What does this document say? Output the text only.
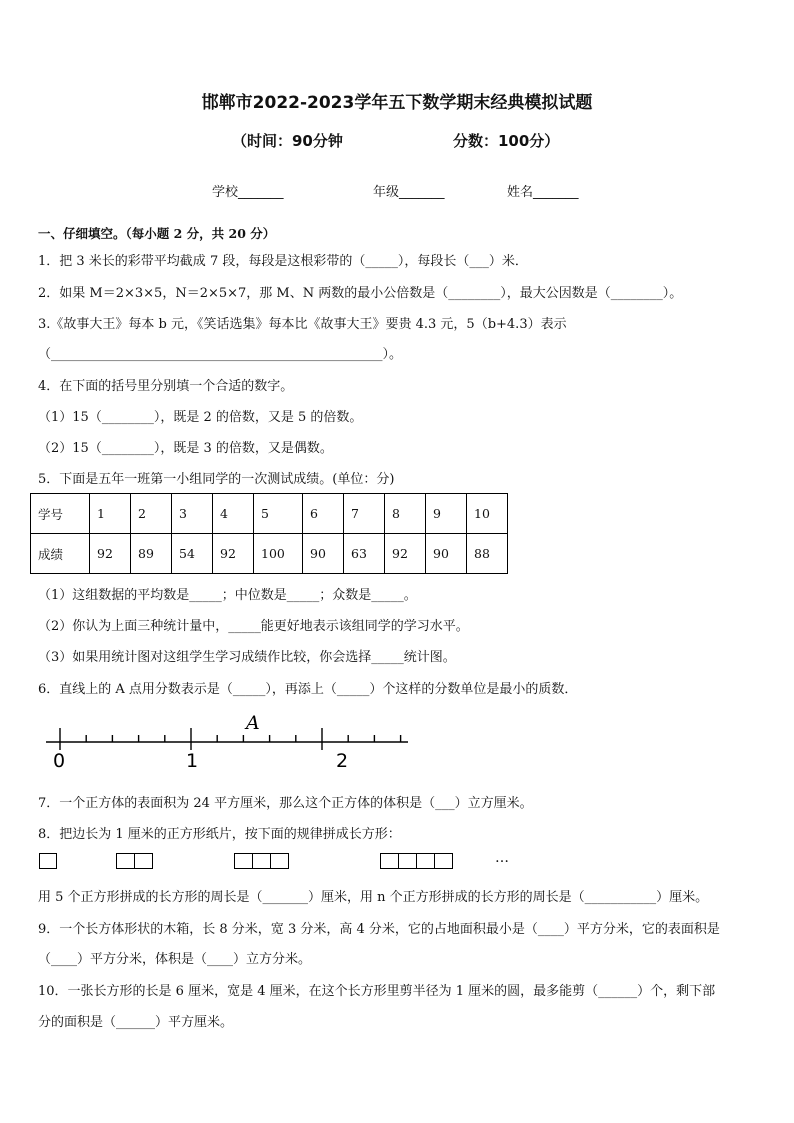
邯郸市2022-2023学年五下数学期末经典模拟试题
（时间：90分钟	分数：100分）
学校_______	年级_______	姓名_______
一、仔细填空。（每小题 2 分，共 20 分）
1．把 3 米长的彩带平均截成 7 段，每段是这根彩带的（_____），每段长（___）米．
2．如果 M＝2×3×5，N＝2×5×7，那 M、N 两数的最小公倍数是（________），最大公因数是（________）。
3.《故事大王》每本 b 元，《笑话选集》每本比《故事大王》要贵 4.3 元，5（b+4.3）表示
（___________________________________________________）。
4．在下面的括号里分别填一个合适的数字。
（1）15（________），既是 2 的倍数，又是 5 的倍数。
（2）15（________），既是 3 的倍数，又是偶数。
5．下面是五年一班第一小组同学的一次测试成绩。(单位：分)
学号	1	2	3	4	5	6	7	8	9	10
成绩	92	89	54	92	100	90	63	92	90	88
（1）这组数据的平均数是_____；中位数是_____；众数是_____。
（2）你认为上面三种统计量中，_____能更好地表示该组同学的学习水平。
（3）如果用统计图对这组学生学习成绩作比较，你会选择_____统计图。
6．直线上的 A 点用分数表示是（_____），再添上（_____）个这样的分数单位是最小的质数．
A
0	1	2
7．一个正方体的表面积为 24 平方厘米，那么这个正方体的体积是（___）立方厘米。
8．把边长为 1 厘米的正方形纸片，按下面的规律拼成长方形：
…
用 5 个正方形拼成的长方形的周长是（_______）厘米，用 n 个正方形拼成的长方形的周长是（___________）厘米。
9．一个长方体形状的木箱，长 8 分米，宽 3 分米，高 4 分米，它的占地面积最小是（____）平方分米，它的表面积是
（____）平方分米，体积是（____）立方分米。
10．一张长方形的长是 6 厘米，宽是 4 厘米，在这个长方形里剪半径为 1 厘米的圆，最多能剪（______）个，剩下部
分的面积是（______）平方厘米。
